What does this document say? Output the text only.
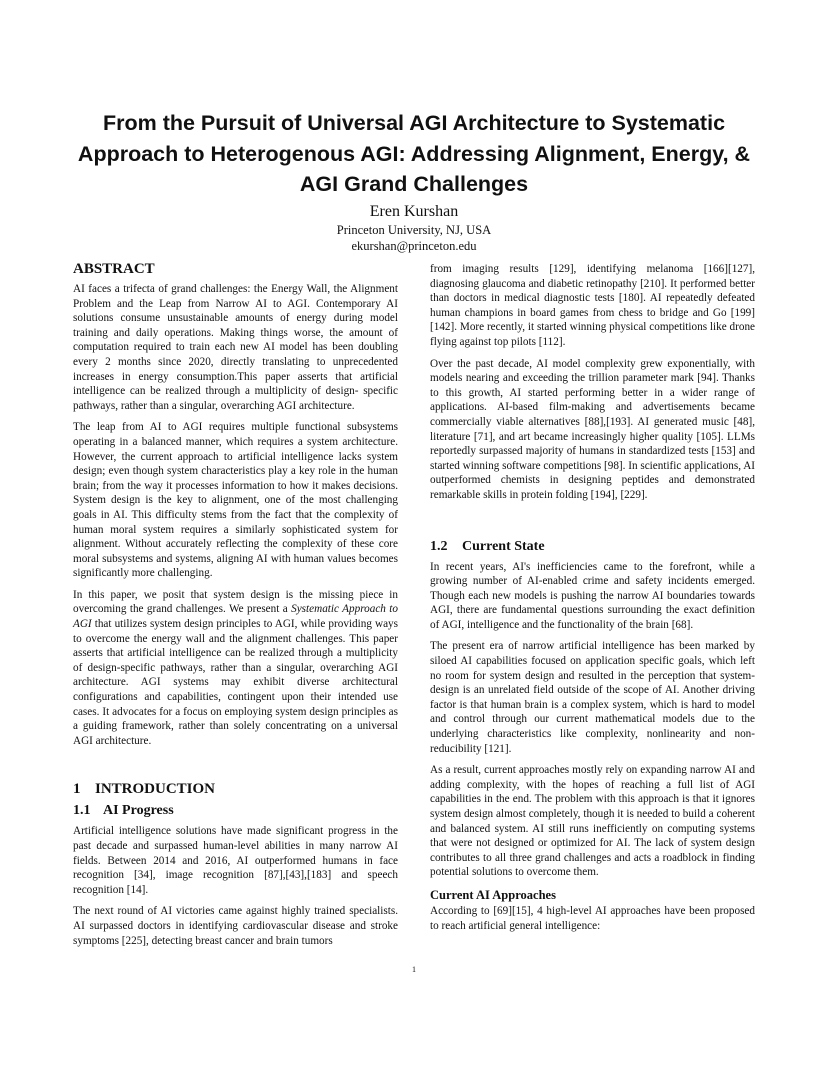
From the Pursuit of Universal AGI Architecture to Systematic Approach to Heterogenous AGI: Addressing Alignment, Energy, & AGI Grand Challenges
Eren Kurshan
Princeton University, NJ, USA
ekurshan@princeton.edu
ABSTRACT

AI faces a trifecta of grand challenges: the Energy Wall, the Alignment Problem and the Leap from Narrow AI to AGI. Contemporary AI solutions consume unsustainable amounts of energy during model training and daily operations. Making things worse, the amount of computation required to train each new AI model has been doubling every 2 months since 2020, directly translating to unprecedented increases in energy consumption.This paper asserts that artificial intelligence can be realized through a multiplicity of design- specific pathways, rather than a singular, overarching AGI architecture.

The leap from AI to AGI requires multiple functional subsystems operating in a balanced manner, which requires a system architecture. However, the current approach to artificial intelligence lacks system design; even though system characteristics play a key role in the human brain; from the way it processes information to how it makes decisions. System design is the key to alignment, one of the most challenging goals in AI. This difficulty stems from the fact that the complexity of human moral system requires a similarly sophisticated system for alignment. Without accurately reflecting the complexity of these core moral subsystems and systems, aligning AI with human values becomes significantly more challenging.

In this paper, we posit that system design is the missing piece in overcoming the grand challenges. We present a Systematic Approach to AGI that utilizes system design principles to AGI, while providing ways to overcome the energy wall and the alignment challenges. This paper asserts that artificial intelligence can be realized through a multiplicity of design-specific pathways, rather than a singular, overarching AGI architecture. AGI systems may exhibit diverse architectural configurations and capabilities, contingent upon their intended use cases. It advocates for a focus on employing system design principles as a guiding framework, rather than solely concentrating on a universal AGI architecture.

1 INTRODUCTION
1.1 AI Progress

Artificial intelligence solutions have made significant progress in the past decade and surpassed human-level abilities in many narrow AI fields. Between 2014 and 2016, AI outperformed humans in face recognition [34], image recognition [87],[43],[183] and speech recognition [14].

The next round of AI victories came against highly trained specialists. AI surpassed doctors in identifying cardiovascular disease and stroke symptoms [225], detecting breast cancer and brain tumors

from imaging results [129], identifying melanoma [166][127], diagnosing glaucoma and diabetic retinopathy [210]. It performed better than doctors in medical diagnostic tests [180]. AI repeatedly defeated human champions in board games from chess to bridge and Go [199] [142]. More recently, it started winning physical competitions like drone flying against top pilots [112].

Over the past decade, AI model complexity grew exponentially, with models nearing and exceeding the trillion parameter mark [94]. Thanks to this growth, AI started performing better in a wider range of applications. AI-based film-making and advertisements became commercially viable alternatives [88],[193]. AI generated music [48], literature [71], and art became increasingly higher quality [105]. LLMs reportedly surpassed majority of humans in standardized tests [153] and started winning software competitions [98]. In scientific applications, AI outperformed chemists in designing peptides and demonstrated remarkable skills in protein folding [194], [229].

1.2 Current State

In recent years, AI's inefficiencies came to the forefront, while a growing number of AI-enabled crime and safety incidents emerged. Though each new models is pushing the narrow AI boundaries towards AGI, there are fundamental questions surrounding the exact definition of AGI, intelligence and the functionality of the brain [68].

The present era of narrow artificial intelligence has been marked by siloed AI capabilities focused on application specific goals, which left no room for system design and resulted in the perception that system-design is an unrelated field outside of the scope of AI. Another driving factor is that human brain is a complex system, which is hard to model and control through our current mathematical models due to the underlying characteristics like complexity, nonlinearity and non-reducibility [121].

As a result, current approaches mostly rely on expanding narrow AI and adding complexity, with the hopes of reaching a full list of AGI capabilities in the end. The problem with this approach is that it ignores system design almost completely, though it is needed to build a coherent and balanced system. AI still runs inefficiently on computing systems that were not designed or optimized for AI. The lack of system design contributes to all three grand challenges and acts a roadblock in finding potential solutions to overcome them.

Current AI Approaches

According to [69][15], 4 high-level AI approaches have been proposed to reach artificial general intelligence:

1
